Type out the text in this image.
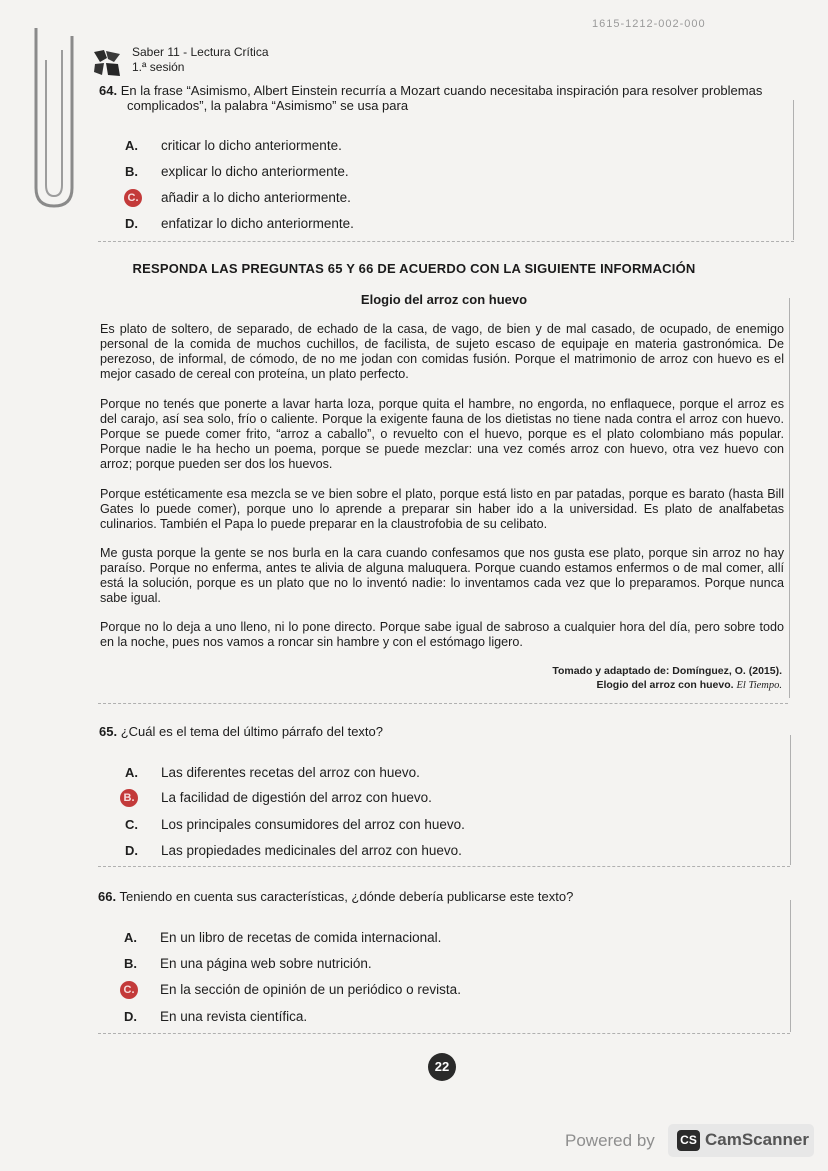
1615-1212-002-000
Saber 11 - Lectura Crítica
1.ª sesión
64. En la frase “Asimismo, Albert Einstein recurría a Mozart cuando necesitaba inspiración para resolver problemas
complicados”, la palabra “Asimismo” se usa para
A. criticar lo dicho anteriormente.
B. explicar lo dicho anteriormente.
C. añadir a lo dicho anteriormente.
D. enfatizar lo dicho anteriormente.
RESPONDA LAS PREGUNTAS 65 Y 66 DE ACUERDO CON LA SIGUIENTE INFORMACIÓN
Elogio del arroz con huevo
Es plato de soltero, de separado, de echado de la casa, de vago, de bien y de mal casado, de ocupado, de enemigo personal de la comida de muchos cuchillos, de facilista, de sujeto escaso de equipaje en materia gastronómica. De perezoso, de informal, de cómodo, de no me jodan con comidas fusión. Porque el matrimonio de arroz con huevo es el mejor casado de cereal con proteína, un plato perfecto.
Porque no tenés que ponerte a lavar harta loza, porque quita el hambre, no engorda, no enflaquece, porque el arroz es del carajo, así sea solo, frío o caliente. Porque la exigente fauna de los dietistas no tiene nada contra el arroz con huevo. Porque se puede comer frito, “arroz a caballo”, o revuelto con el huevo, porque es el plato colombiano más popular. Porque nadie le ha hecho un poema, porque se puede mezclar: una vez comés arroz con huevo, otra vez huevo con arroz; porque pueden ser dos los huevos.
Porque estéticamente esa mezcla se ve bien sobre el plato, porque está listo en par patadas, porque es barato (hasta Bill Gates lo puede comer), porque uno lo aprende a preparar sin haber ido a la universidad. Es plato de analfabetas culinarios. También el Papa lo puede preparar en la claustrofobia de su celibato.
Me gusta porque la gente se nos burla en la cara cuando confesamos que nos gusta ese plato, porque sin arroz no hay paraíso. Porque no enferma, antes te alivia de alguna maluquera. Porque cuando estamos enfermos o de mal comer, allí está la solución, porque es un plato que no lo inventó nadie: lo inventamos cada vez que lo preparamos. Porque nunca sabe igual.
Porque no lo deja a uno lleno, ni lo pone directo. Porque sabe igual de sabroso a cualquier hora del día, pero sobre todo en la noche, pues nos vamos a roncar sin hambre y con el estómago ligero.
Tomado y adaptado de: Domínguez, O. (2015).
Elogio del arroz con huevo. El Tiempo.
65. ¿Cuál es el tema del último párrafo del texto?
A. Las diferentes recetas del arroz con huevo.
B. La facilidad de digestión del arroz con huevo.
C. Los principales consumidores del arroz con huevo.
D. Las propiedades medicinales del arroz con huevo.
66. Teniendo en cuenta sus características, ¿dónde debería publicarse este texto?
A. En un libro de recetas de comida internacional.
B. En una página web sobre nutrición.
C. En la sección de opinión de un periódico o revista.
D. En una revista científica.
22
Powered by CS CamScanner
